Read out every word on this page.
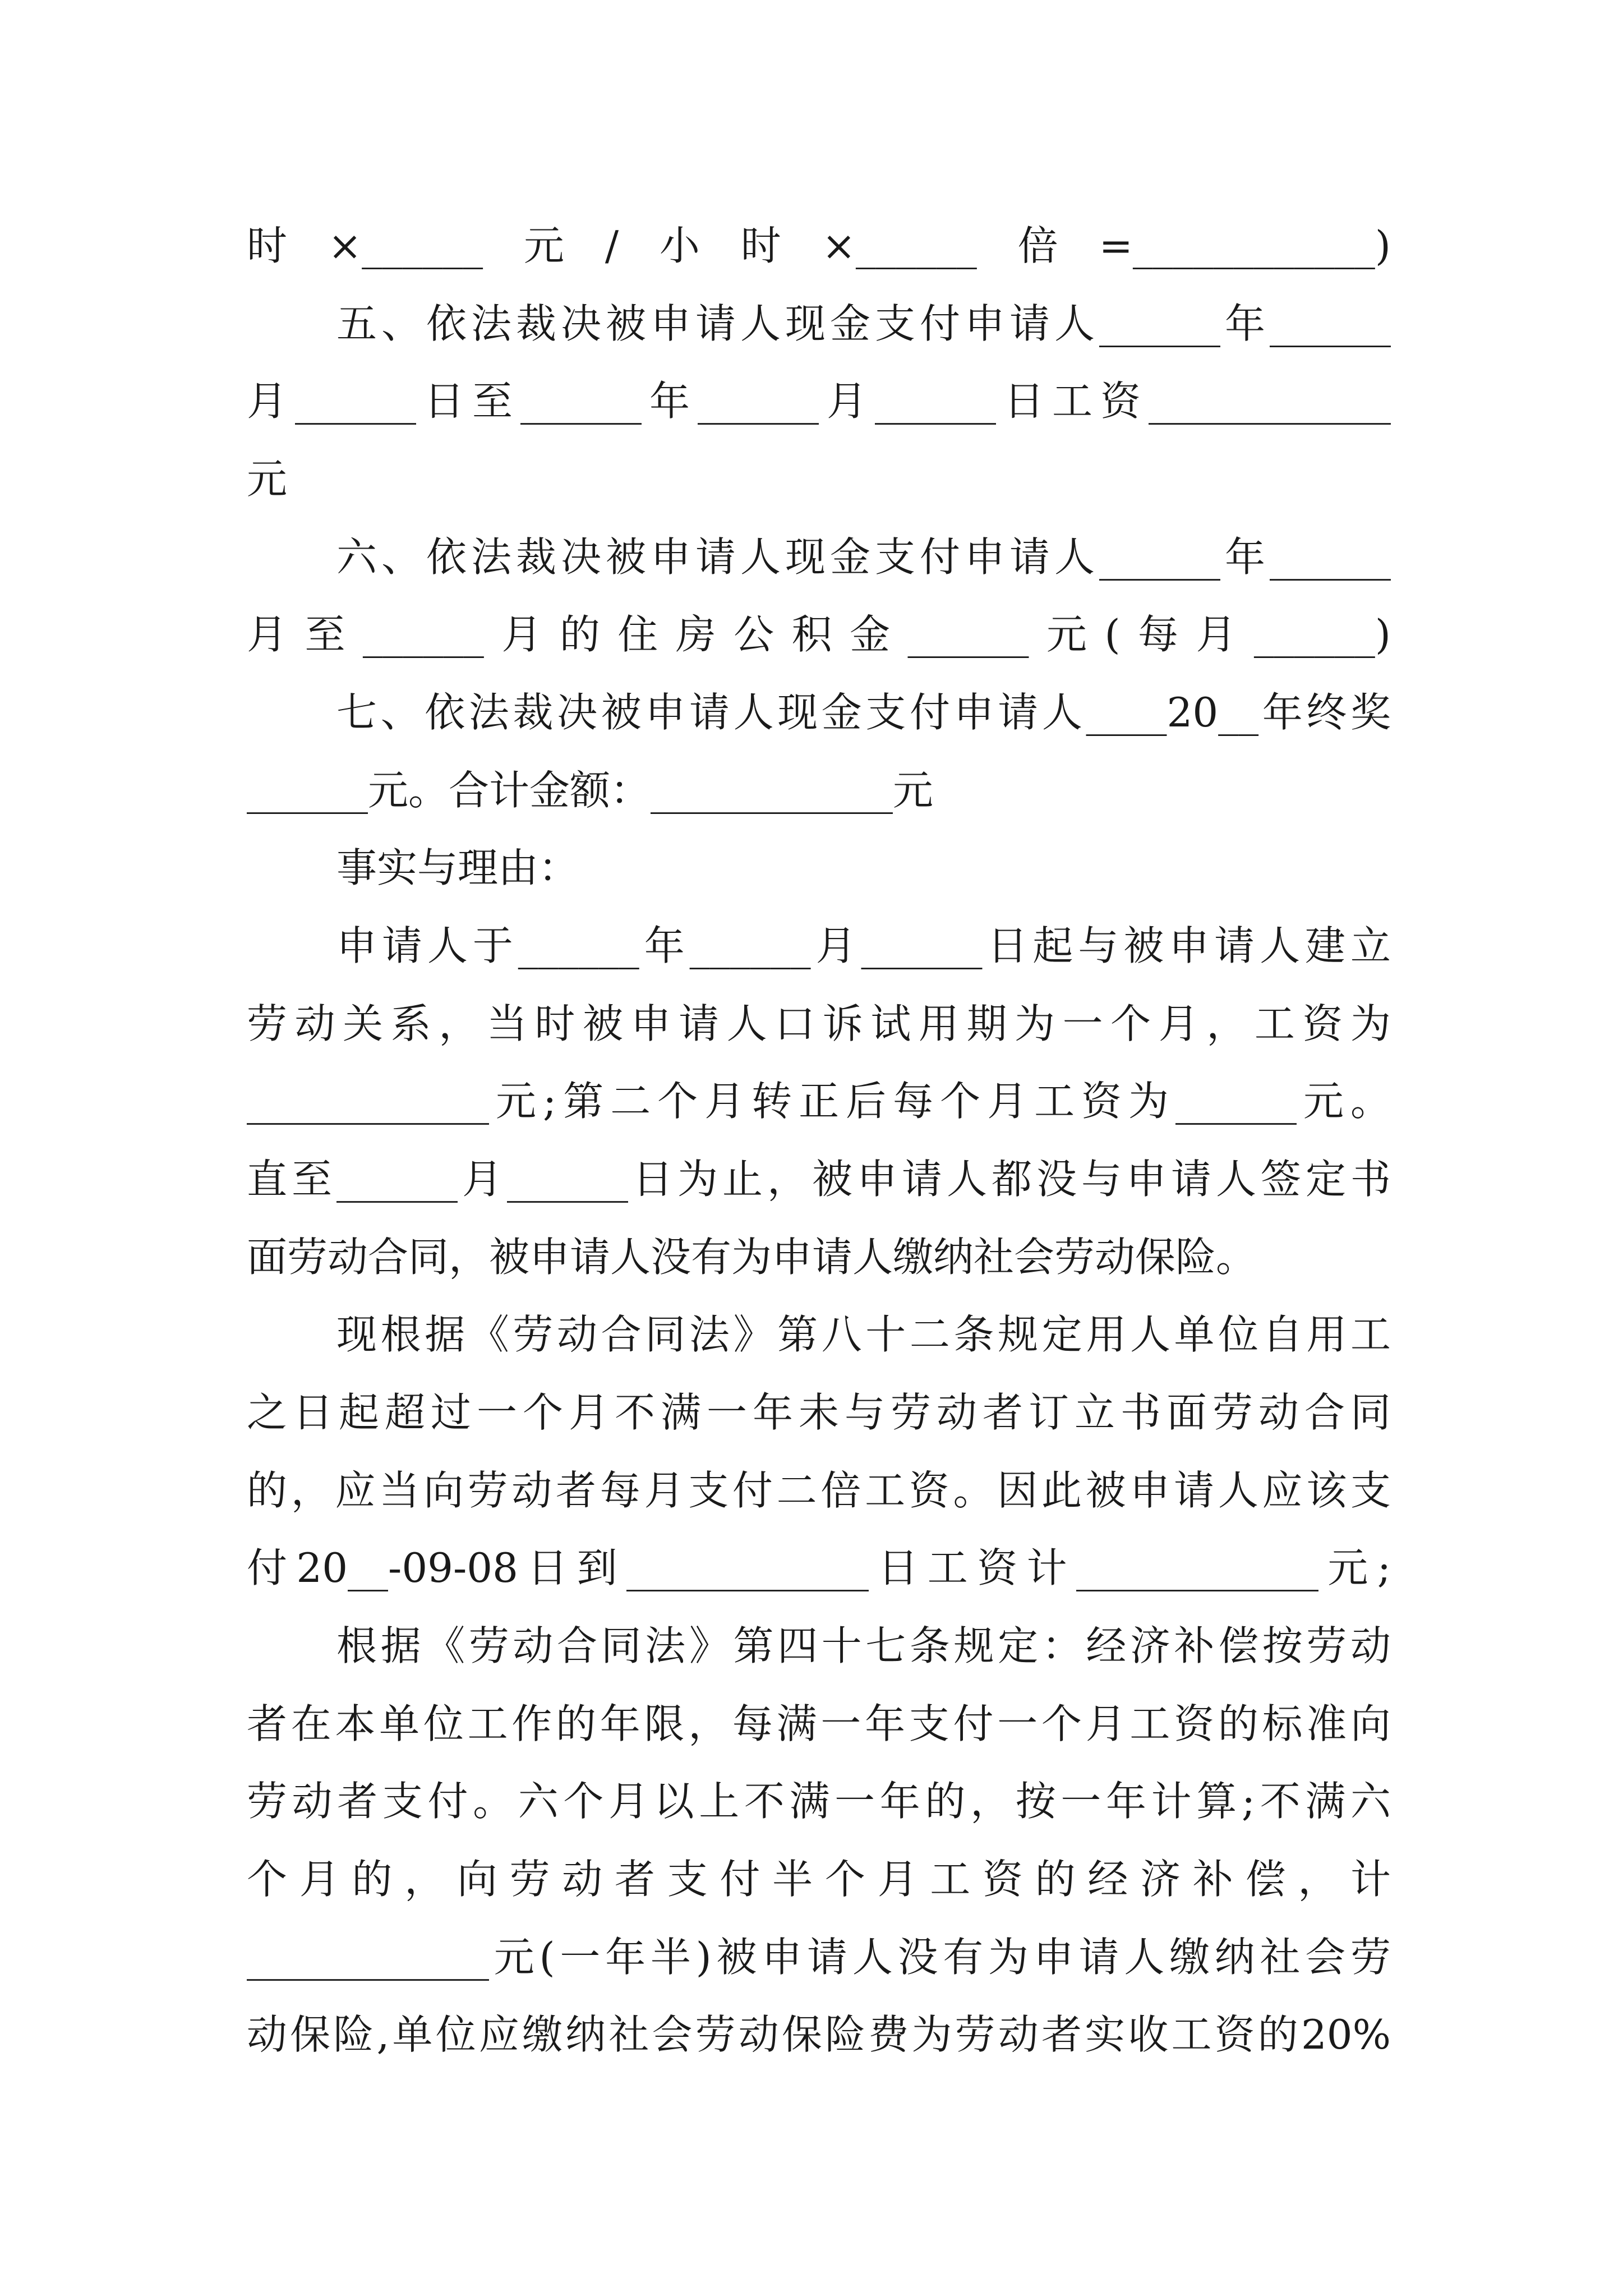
时×______元/小时×______倍=____________)
五、依法裁决被申请人现金支付申请人______年______
月______日至______年______月______日工资____________
元
六、依法裁决被申请人现金支付申请人______年______
月至______月的住房公积金______元(每月______)
七、依法裁决被申请人现金支付申请人____20__年终奖
______元。合计金额：____________元
事实与理由：
申请人于______年______月______日起与被申请人建立
劳动关系，当时被申请人口诉试用期为一个月，工资为
____________元;第二个月转正后每个月工资为______元。
直至______月______日为止，被申请人都没与申请人签定书
面劳动合同，被申请人没有为申请人缴纳社会劳动保险。
现根据《劳动合同法》第八十二条规定用人单位自用工
之日起超过一个月不满一年未与劳动者订立书面劳动合同
的，应当向劳动者每月支付二倍工资。因此被申请人应该支
付20__-09-08日到____________日工资计____________元;
根据《劳动合同法》第四十七条规定：经济补偿按劳动
者在本单位工作的年限，每满一年支付一个月工资的标准向
劳动者支付。六个月以上不满一年的，按一年计算;不满六
个月的，向劳动者支付半个月工资的经济补偿，计
____________元(一年半)被申请人没有为申请人缴纳社会劳
动保险,单位应缴纳社会劳动保险费为劳动者实收工资的20%
